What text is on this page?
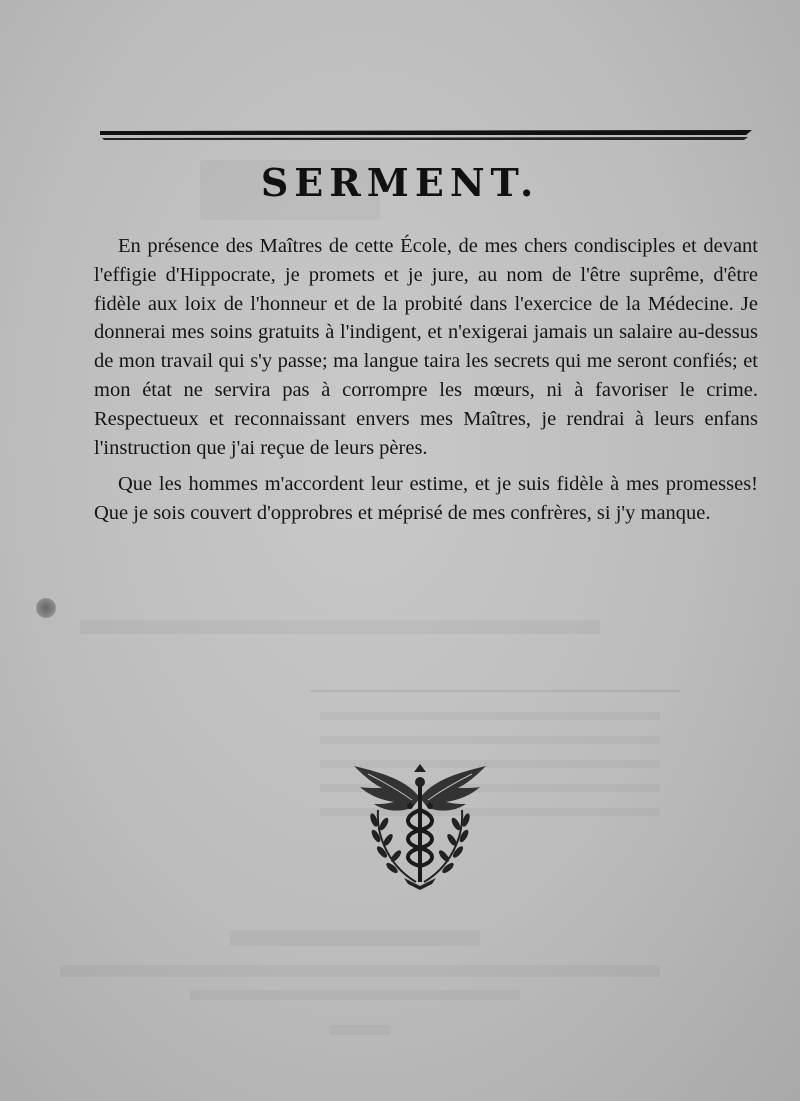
SERMENT.

En présence des Maîtres de cette École, de mes chers condisciples et devant l'effigie d'Hippocrate, je promets et je jure, au nom de l'être suprême, d'être fidèle aux loix de l'honneur et de la probité dans l'exercice de la Médecine. Je donnerai mes soins gratuits à l'indigent, et n'exigerai jamais un salaire au-dessus de mon travail qui s'y passe; ma langue taira les secrets qui me seront confiés; et mon état ne servira pas à corrompre les mœurs, ni à favoriser le crime. Respectueux et reconnaissant envers mes Maîtres, je rendrai à leurs enfans l'instruction que j'ai reçue de leurs pères.

Que les hommes m'accordent leur estime, et je suis fidèle à mes promesses! Que je sois couvert d'opprobres et méprisé de mes confrères, si j'y manque.
